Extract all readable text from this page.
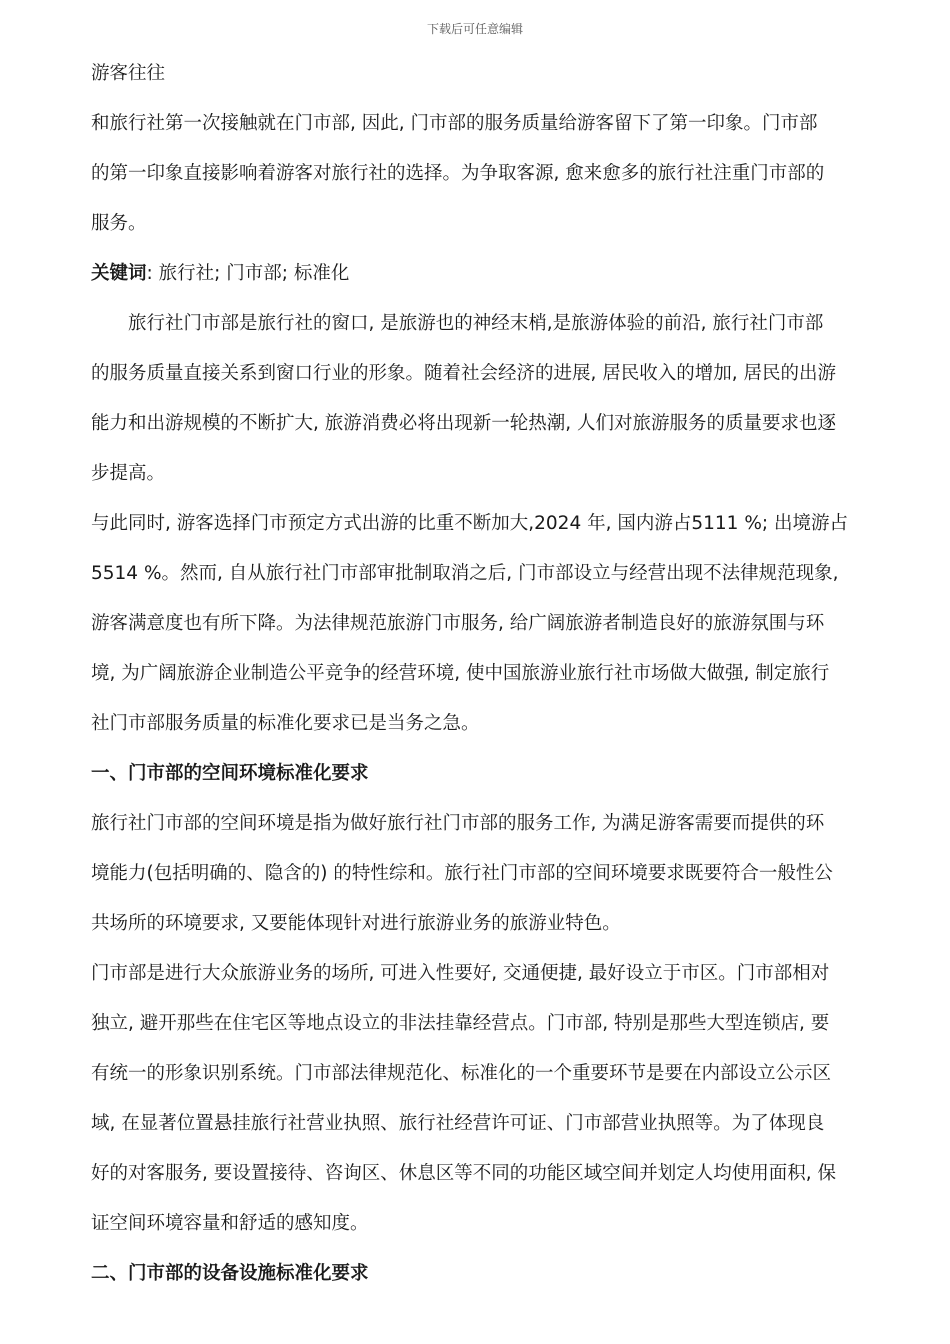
下载后可任意编辑
游客往往
和旅行社第一次接触就在门市部, 因此, 门市部的服务质量给游客留下了第一印象。门市部
的第一印象直接影响着游客对旅行社的选择。为争取客源, 愈来愈多的旅行社注重门市部的
服务。
关键词: 旅行社; 门市部; 标准化
旅行社门市部是旅行社的窗口, 是旅游也的神经末梢,是旅游体验的前沿, 旅行社门市部
的服务质量直接关系到窗口行业的形象。随着社会经济的进展, 居民收入的增加, 居民的出游
能力和出游规模的不断扩大, 旅游消费必将出现新一轮热潮, 人们对旅游服务的质量要求也逐
步提高。
与此同时, 游客选择门市预定方式出游的比重不断加大,2024 年, 国内游占5111 %; 出境游占
5514 %。然而, 自从旅行社门市部审批制取消之后, 门市部设立与经营出现不法律规范现象,
游客满意度也有所下降。为法律规范旅游门市服务, 给广阔旅游者制造良好的旅游氛围与环
境, 为广阔旅游企业制造公平竞争的经营环境, 使中国旅游业旅行社市场做大做强, 制定旅行
社门市部服务质量的标准化要求已是当务之急。
一、门市部的空间环境标准化要求
旅行社门市部的空间环境是指为做好旅行社门市部的服务工作, 为满足游客需要而提供的环
境能力(包括明确的、隐含的) 的特性综和。旅行社门市部的空间环境要求既要符合一般性公
共场所的环境要求, 又要能体现针对进行旅游业务的旅游业特色。
门市部是进行大众旅游业务的场所, 可进入性要好, 交通便捷, 最好设立于市区。门市部相对
独立, 避开那些在住宅区等地点设立的非法挂靠经营点。门市部, 特别是那些大型连锁店, 要
有统一的形象识别系统。门市部法律规范化、标准化的一个重要环节是要在内部设立公示区
域, 在显著位置悬挂旅行社营业执照、旅行社经营许可证、门市部营业执照等。为了体现良
好的对客服务, 要设置接待、咨询区、休息区等不同的功能区域空间并划定人均使用面积, 保
证空间环境容量和舒适的感知度。
二、门市部的设备设施标准化要求
